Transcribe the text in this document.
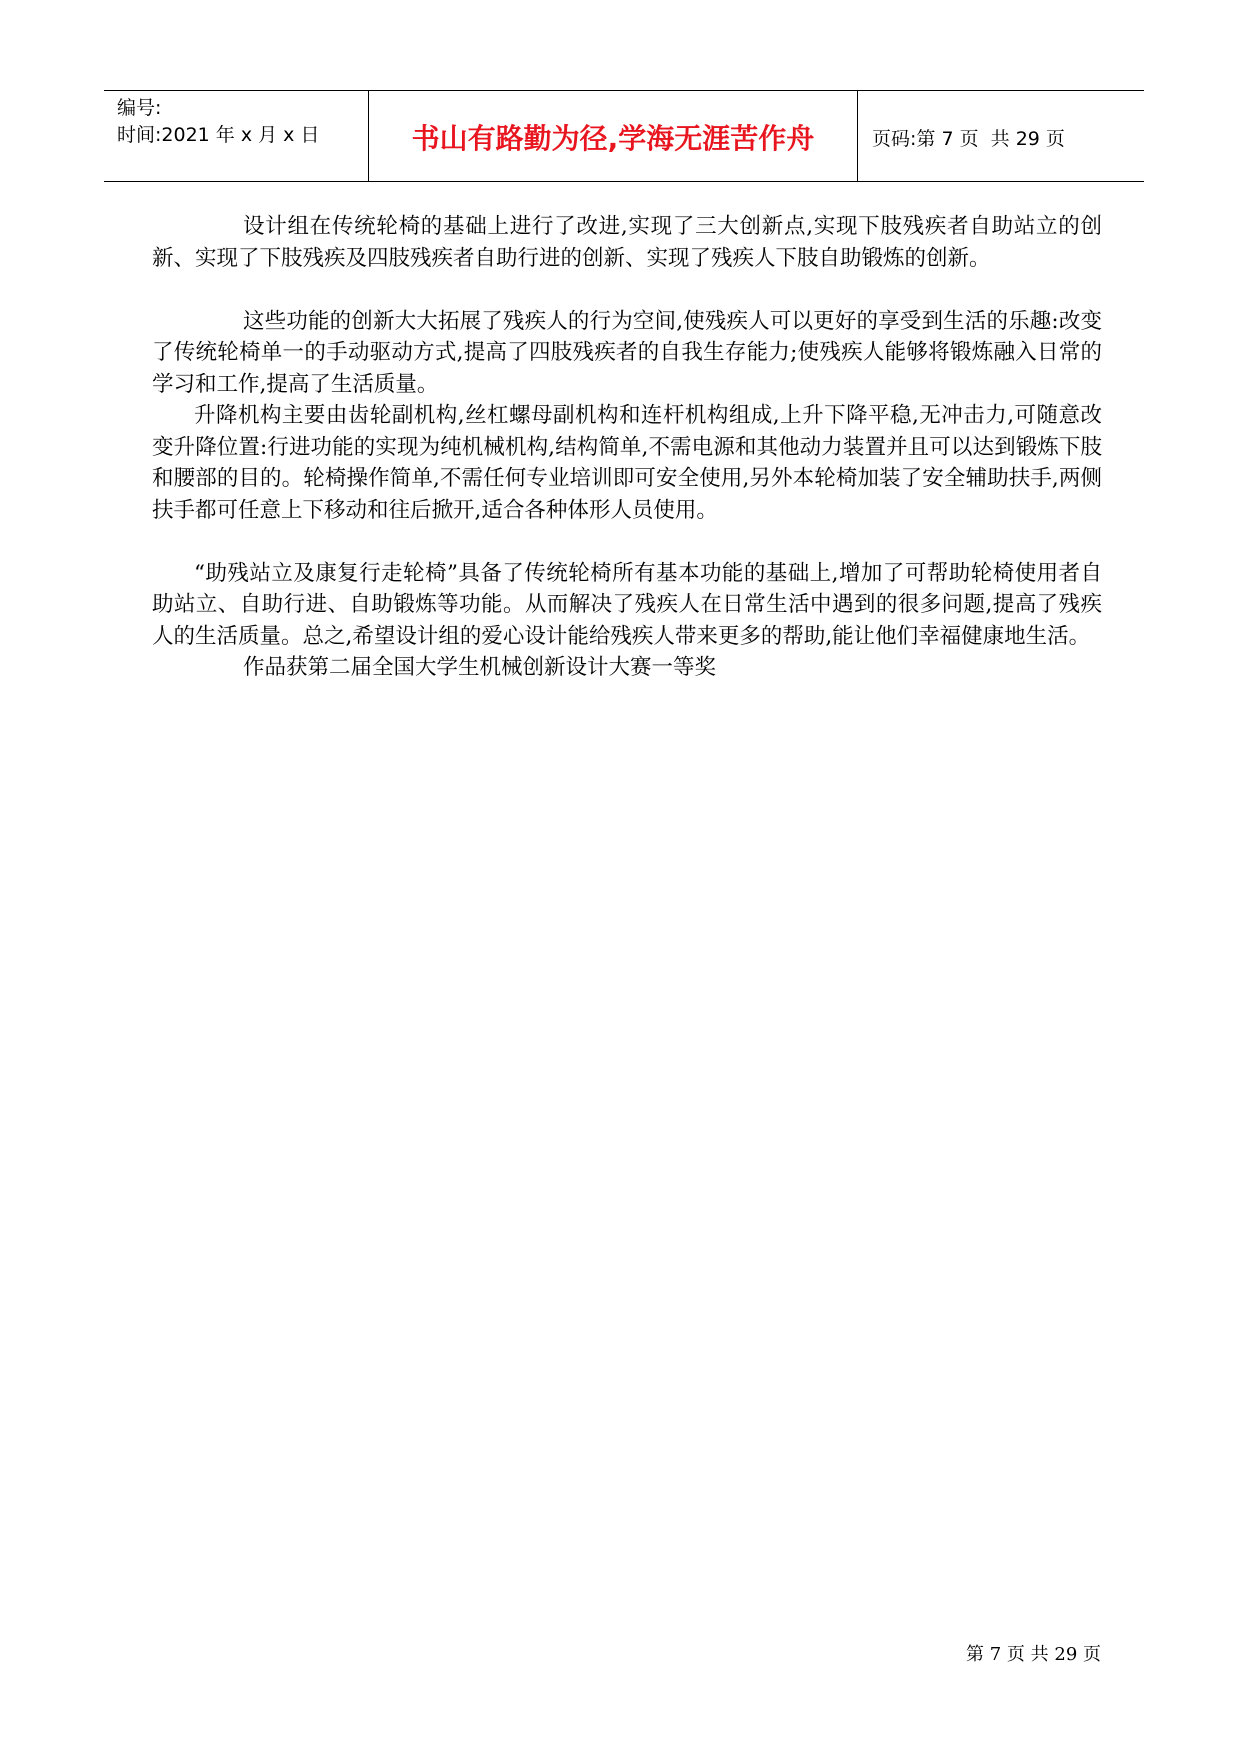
编号:
时间:2021 年 x 月 x 日	书山有路勤为径,学海无涯苦作舟	页码:第 7 页  共 29 页

设计组在传统轮椅的基础上进行了改进,实现了三大创新点,实现下肢残疾者自助站立的创新、实现了下肢残疾及四肢残疾者自助行进的创新、实现了残疾人下肢自助锻炼的创新。

这些功能的创新大大拓展了残疾人的行为空间,使残疾人可以更好的享受到生活的乐趣:改变了传统轮椅单一的手动驱动方式,提高了四肢残疾者的自我生存能力;使残疾人能够将锻炼融入日常的学习和工作,提高了生活质量。

升降机构主要由齿轮副机构,丝杠螺母副机构和连杆机构组成,上升下降平稳,无冲击力,可随意改变升降位置:行进功能的实现为纯机械机构,结构简单,不需电源和其他动力装置并且可以达到锻炼下肢和腰部的目的。轮椅操作简单,不需任何专业培训即可安全使用,另外本轮椅加装了安全辅助扶手,两侧扶手都可任意上下移动和往后掀开,适合各种体形人员使用。

“助残站立及康复行走轮椅”具备了传统轮椅所有基本功能的基础上,增加了可帮助轮椅使用者自助站立、自助行进、自助锻炼等功能。从而解决了残疾人在日常生活中遇到的很多问题,提高了残疾人的生活质量。总之,希望设计组的爱心设计能给残疾人带来更多的帮助,能让他们幸福健康地生活。

作品获第二届全国大学生机械创新设计大赛一等奖

第 7 页 共 29 页
